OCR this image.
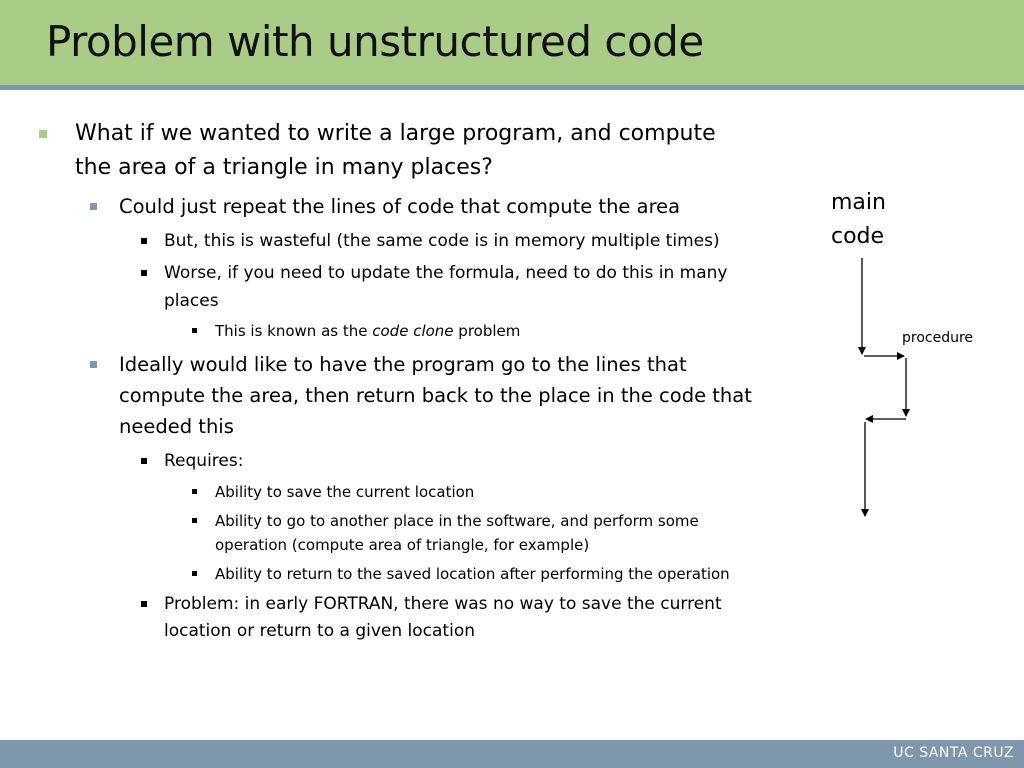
Problem with unstructured code
What if we wanted to write a large program, and compute
the area of a triangle in many places?
Could just repeat the lines of code that compute the area
But, this is wasteful (the same code is in memory multiple times)
Worse, if you need to update the formula, need to do this in many
places
This is known as the code clone problem
Ideally would like to have the program go to the lines that
compute the area, then return back to the place in the code that
needed this
Requires:
Ability to save the current location
Ability to go to another place in the software, and perform some
operation (compute area of triangle, for example)
Ability to return to the saved location after performing the operation
Problem: in early FORTRAN, there was no way to save the current
location or return to a given location
main
code
procedure
UC SANTA CRUZ
